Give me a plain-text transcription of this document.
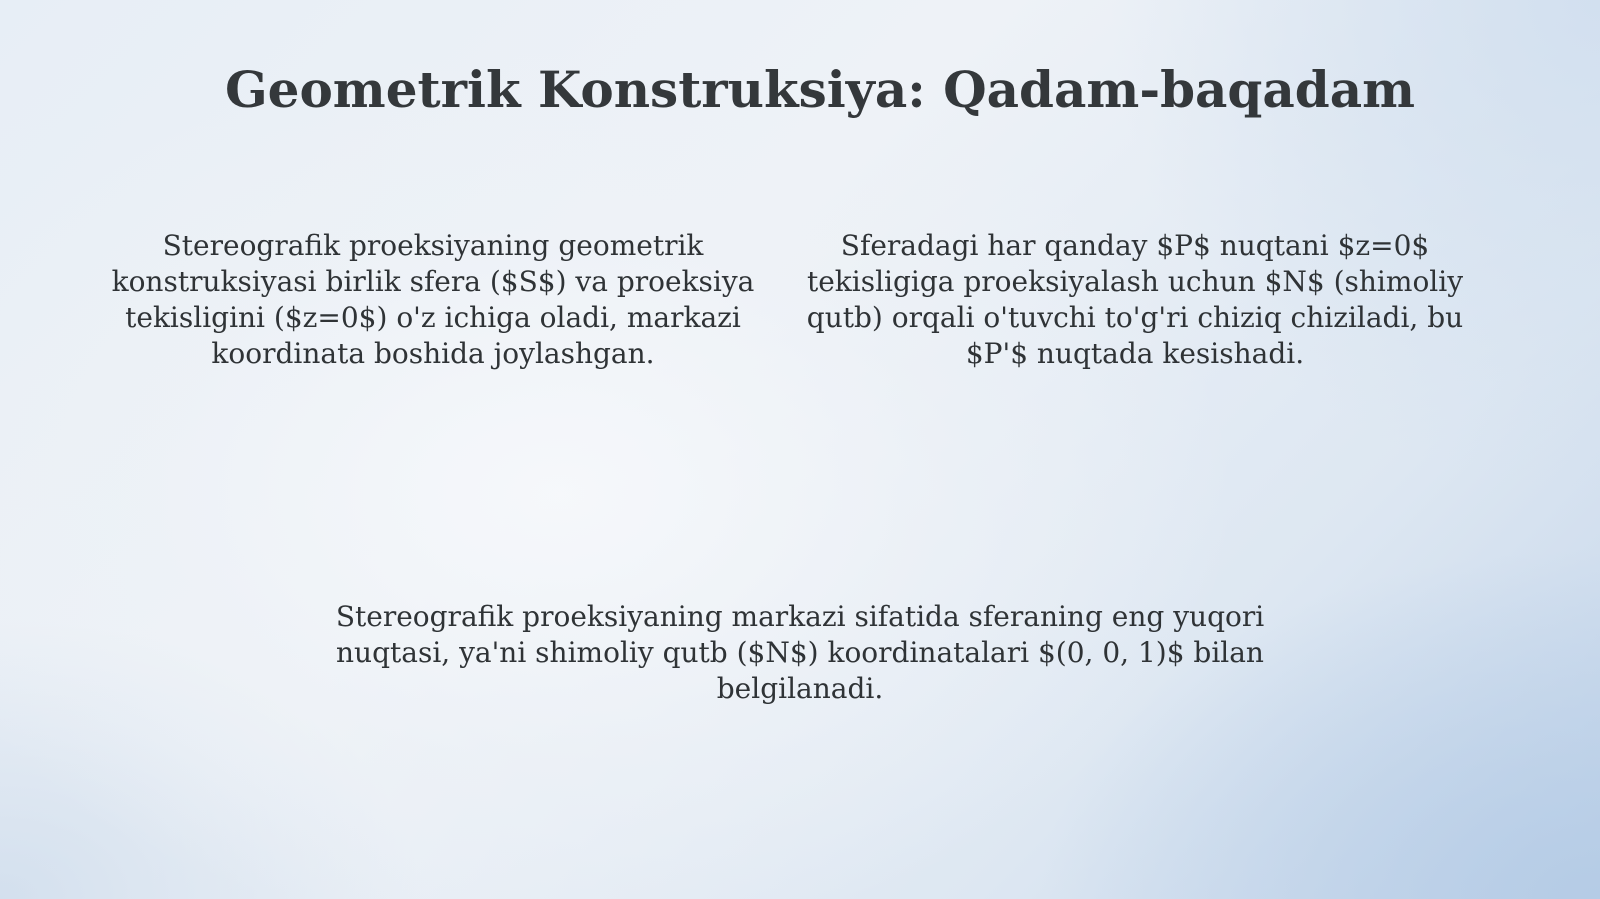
Geometrik Konstruksiya: Qadam-baqadam

Stereografik proeksiyaning geometrik konstruksiyasi birlik sfera ($S$) va proeksiya tekisligini ($z=0$) o'z ichiga oladi, markazi koordinata boshida joylashgan.

Sferadagi har qanday $P$ nuqtani $z=0$ tekisligiga proeksiyalash uchun $N$ (shimoliy qutb) orqali o'tuvchi to'g'ri chiziq chiziladi, bu $P'$ nuqtada kesishadi.

Stereografik proeksiyaning markazi sifatida sferaning eng yuqori nuqtasi, ya'ni shimoliy qutb ($N$) koordinatalari $(0, 0, 1)$ bilan belgilanadi.
